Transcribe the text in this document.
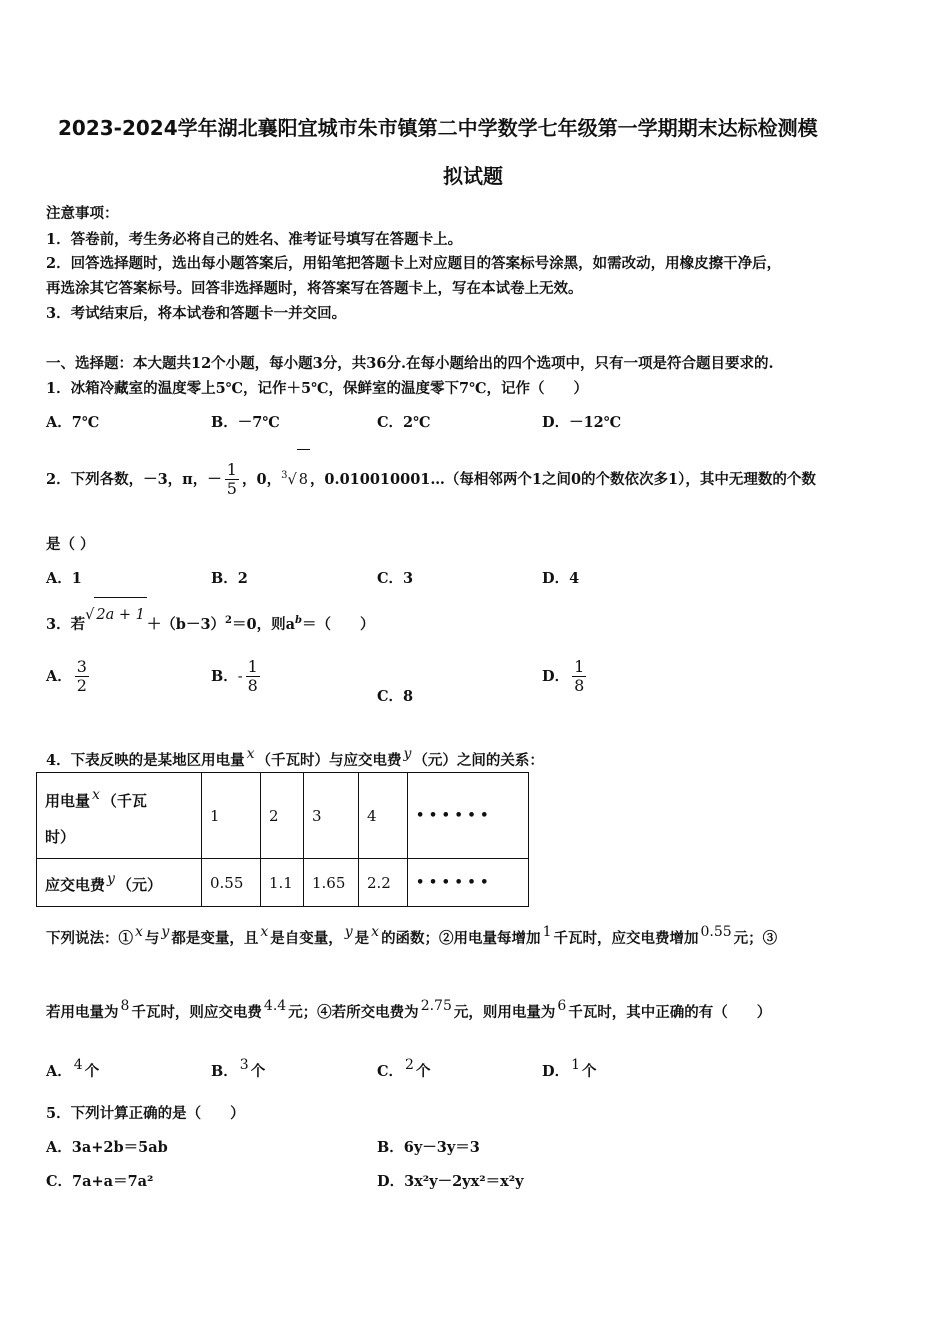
2023-2024学年湖北襄阳宜城市朱市镇第二中学数学七年级第一学期期末达标检测模
拟试题
注意事项：
1．答卷前，考生务必将自己的姓名、准考证号填写在答题卡上。
2．回答选择题时，选出每小题答案后，用铅笔把答题卡上对应题目的答案标号涂黑，如需改动，用橡皮擦干净后，
再选涂其它答案标号。回答非选择题时，将答案写在答题卡上，写在本试卷上无效。
3．考试结束后，将本试卷和答题卡一并交回。
一、选择题：本大题共12个小题，每小题3分，共36分.在每小题给出的四个选项中，只有一项是符合题目要求的.
1．冰箱冷藏室的温度零上5℃，记作＋5℃，保鲜室的温度零下7℃，记作（　　）
A．7℃	B．－7℃	C．2℃	D．－12℃
2．下列各数，－3，π，－ $\frac{1}{5}$ ，0，$^3$√ 8 ，0.010010001…（每相邻两个1之间0的个数依次多1），其中无理数的个数
是（ ）
A．1	B．2	C．3	D．4
3．若√ $2a + 1+(b-3)^2=0$，则$a^b=$（　　）
A． $\frac{3}{2}$	B．- $\frac{1}{8}$
C．8
D． $\frac{1}{8}$
4．下表反映的是某地区用电量 x （千瓦时）与应交电费 y （元）之间的关系：
用电量 x （千瓦
时）	1	2	3	4	• • • • • •
应交电费 y （元）	0.55	1.1	1.65	2.2	• • • • • •
下列说法：① x 与 y 都是变量，且 x 是自变量， y 是 x 的函数；②用电量每增加 1 千瓦时，应交电费增加 0.55 元；③
若用电量为 8 千瓦时，则应交电费 4.4 元；④若所交电费为 2.75 元，则用电量为 6 千瓦时，其中正确的有（　　）
A． 4 个	B． 3 个	C． 2 个	D． 1 个
5．下列计算正确的是（　　）
A．3a+2b＝5ab	B．6y－3y＝3
C．7a+a＝7a²	D．3x²y－2yx²＝x²y
